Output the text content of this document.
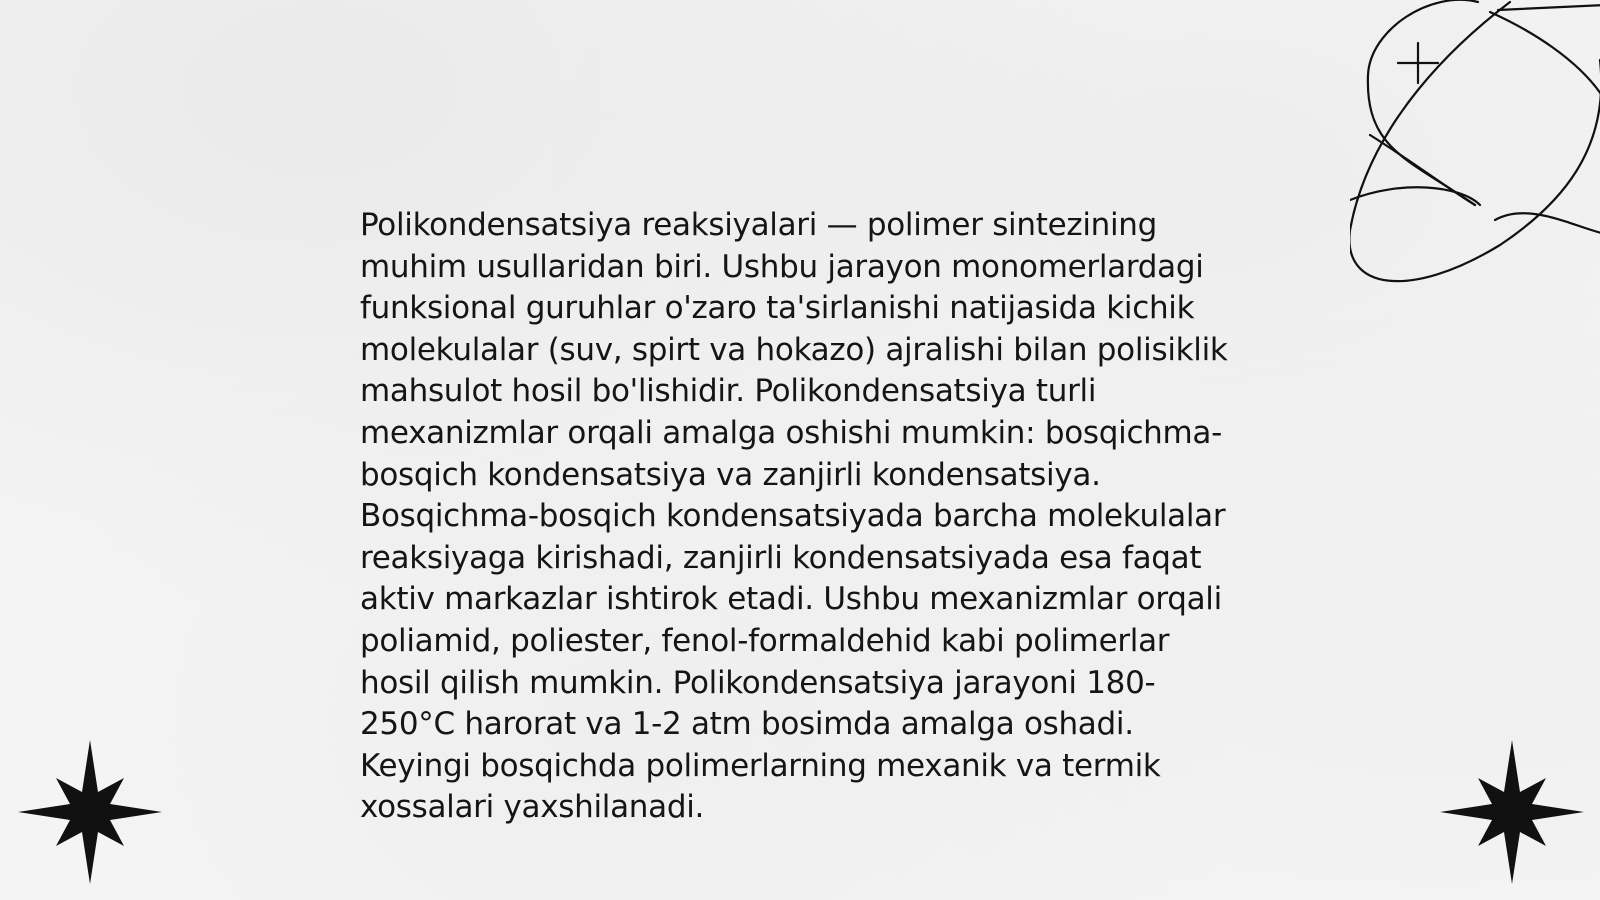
Polikondensatsiya reaksiyalari — polimer sintezining muhim usullaridan biri. Ushbu jarayon monomerlardagi funksional guruhlar o'zaro ta'sirlanishi natijasida kichik molekulalar (suv, spirt va hokazo) ajralishi bilan polisiklik mahsulot hosil bo'lishidir. Polikondensatsiya turli mexanizmlar orqali amalga oshishi mumkin: bosqichma-bosqich kondensatsiya va zanjirli kondensatsiya. Bosqichma-bosqich kondensatsiyada barcha molekulalar reaksiyaga kirishadi, zanjirli kondensatsiyada esa faqat aktiv markazlar ishtirok etadi. Ushbu mexanizmlar orqali poliamid, poliester, fenol-formaldehid kabi polimerlar hosil qilish mumkin. Polikondensatsiya jarayoni 180-250°C harorat va 1-2 atm bosimda amalga oshadi. Keyingi bosqichda polimerlarning mexanik va termik xossalari yaxshilanadi.
